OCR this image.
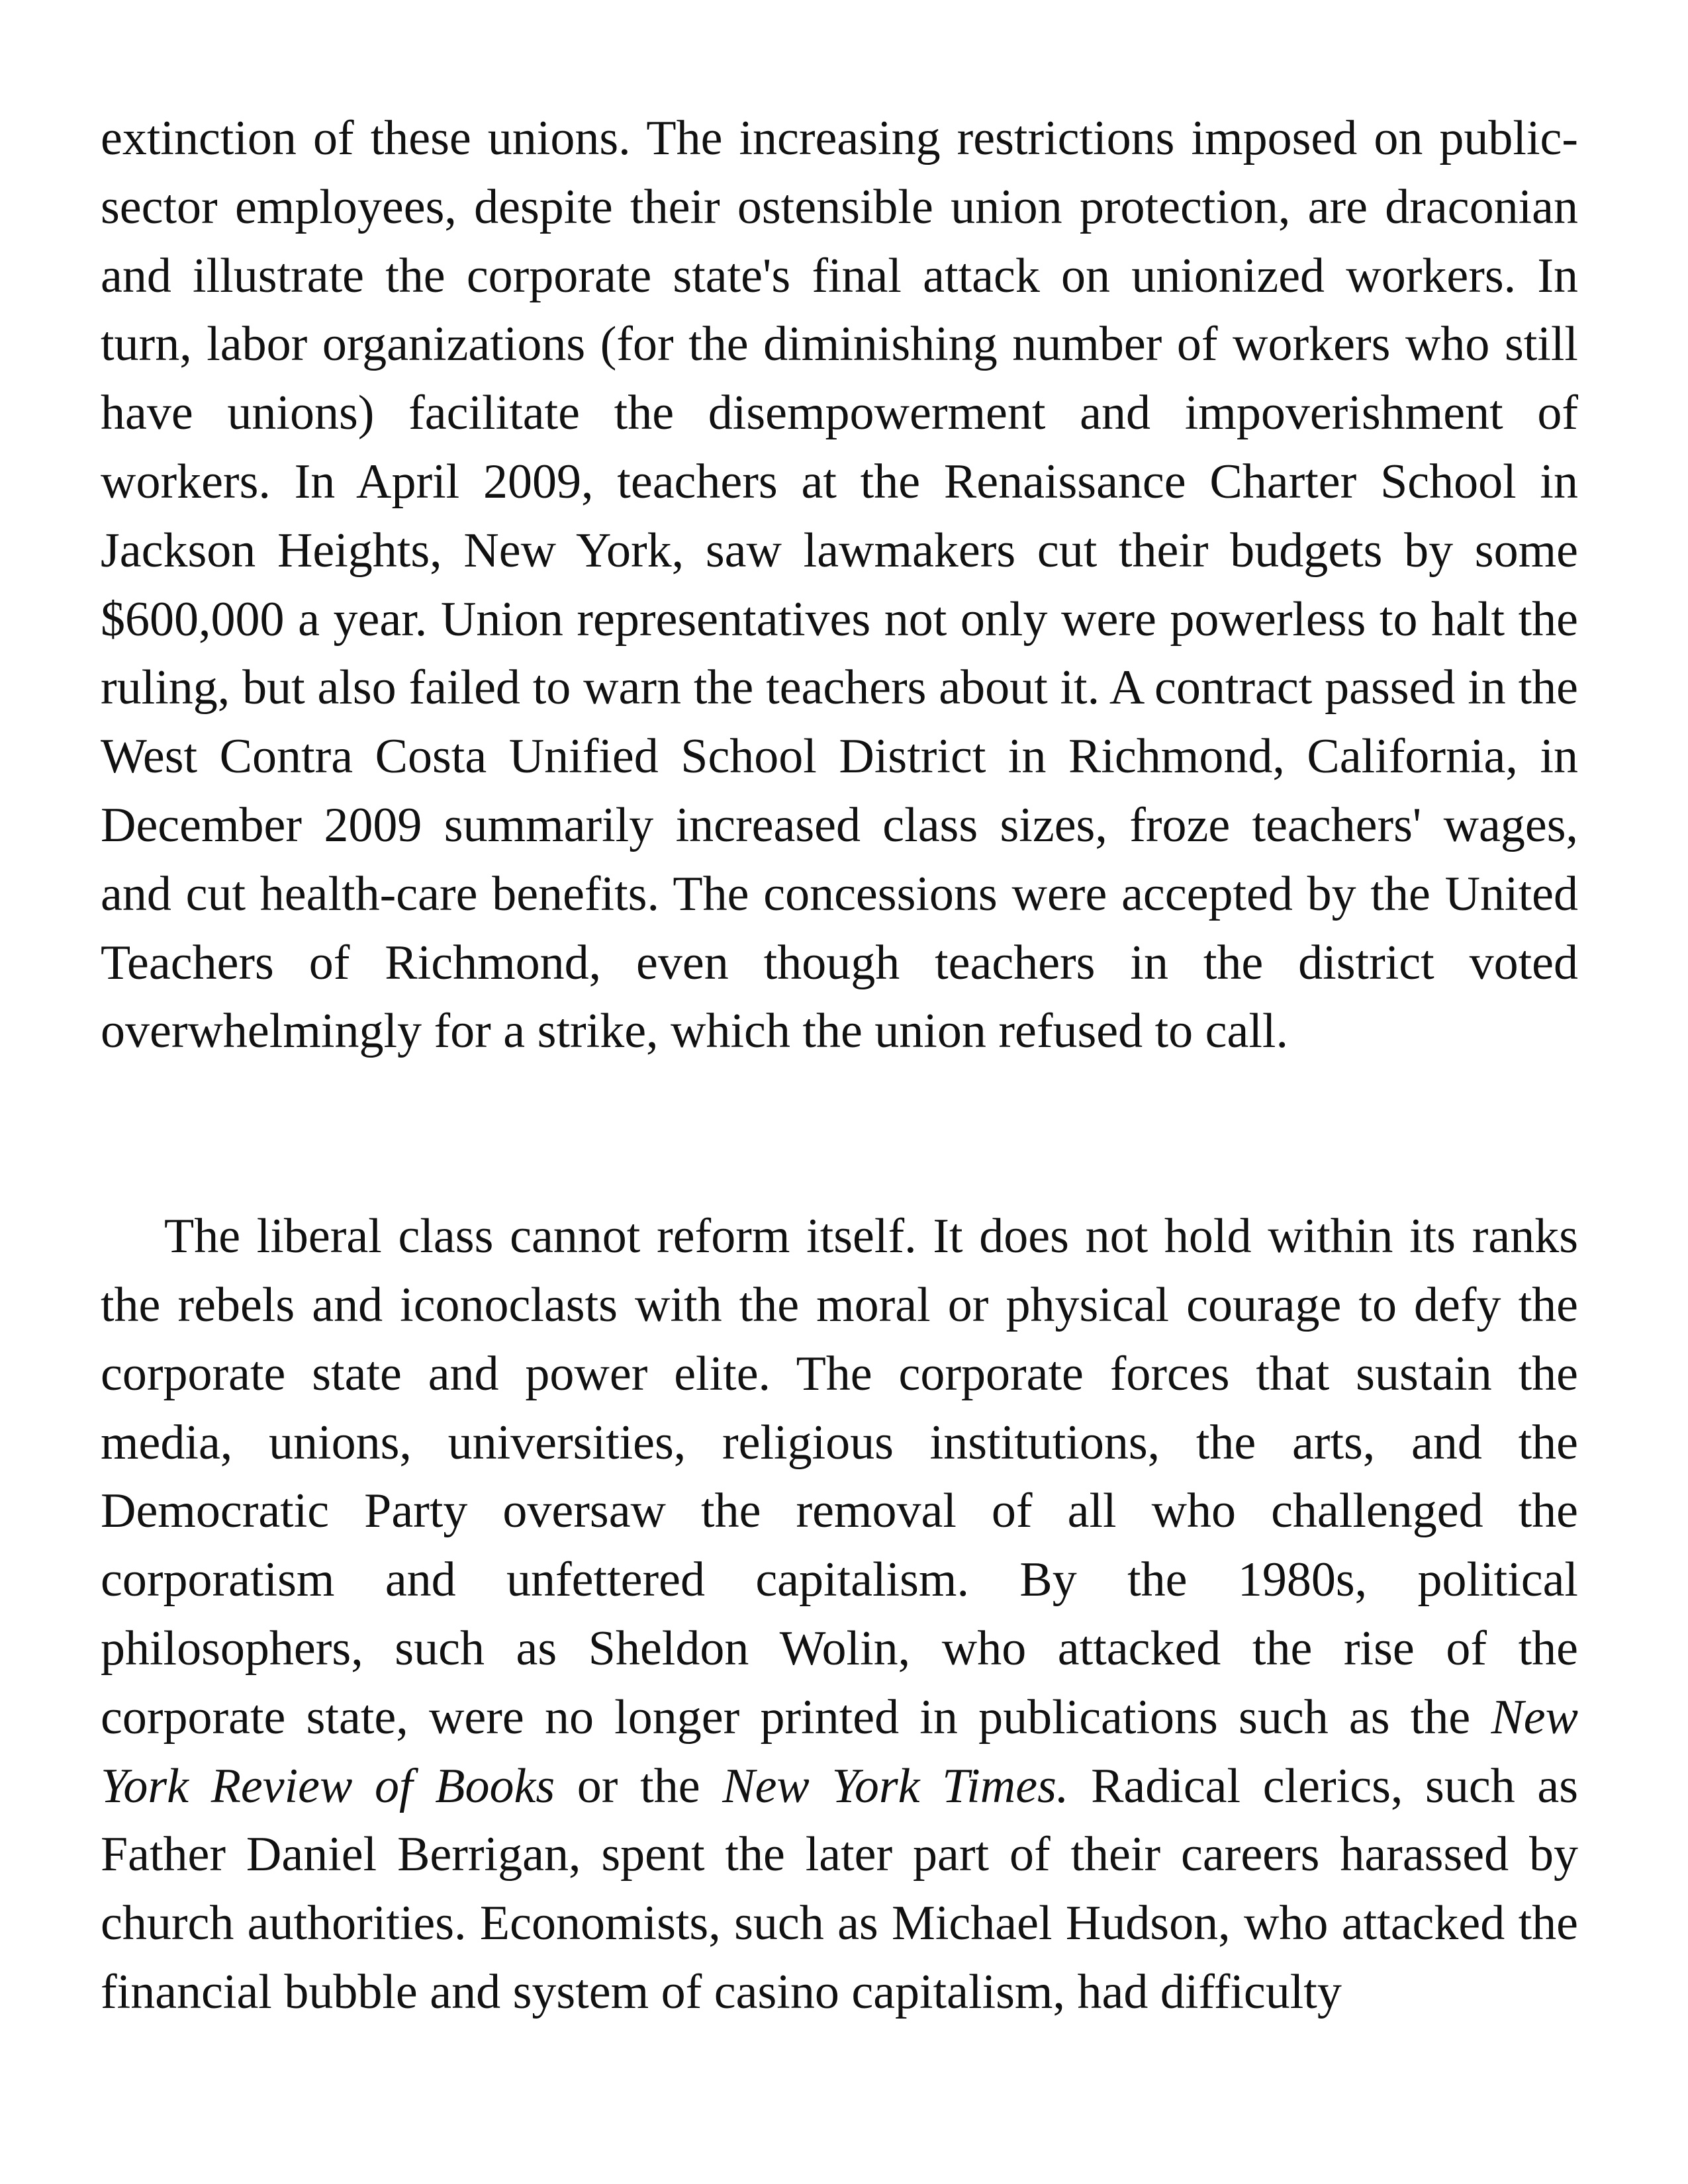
extinction of these unions. The increasing restrictions imposed on public-sector employees, despite their ostensible union protection, are draconian and illustrate the corporate state's final attack on unionized workers. In turn, labor organizations (for the diminishing number of workers who still have unions) facilitate the disempowerment and impoverishment of workers. In April 2009, teachers at the Renaissance Charter School in Jackson Heights, New York, saw lawmakers cut their budgets by some $600,000 a year. Union representatives not only were powerless to halt the ruling, but also failed to warn the teachers about it. A contract passed in the West Contra Costa Unified School District in Richmond, California, in December 2009 summarily increased class sizes, froze teachers' wages, and cut health-care benefits. The concessions were accepted by the United Teachers of Richmond, even though teachers in the district voted overwhelmingly for a strike, which the union refused to call.

The liberal class cannot reform itself. It does not hold within its ranks the rebels and iconoclasts with the moral or physical courage to defy the corporate state and power elite. The corporate forces that sustain the media, unions, universities, religious institutions, the arts, and the Democratic Party oversaw the removal of all who challenged the corporatism and unfettered capitalism. By the 1980s, political philosophers, such as Sheldon Wolin, who attacked the rise of the corporate state, were no longer printed in publications such as the New York Review of Books or the New York Times. Radical clerics, such as Father Daniel Berrigan, spent the later part of their careers harassed by church authorities. Economists, such as Michael Hudson, who attacked the financial bubble and system of casino capitalism, had difficulty
